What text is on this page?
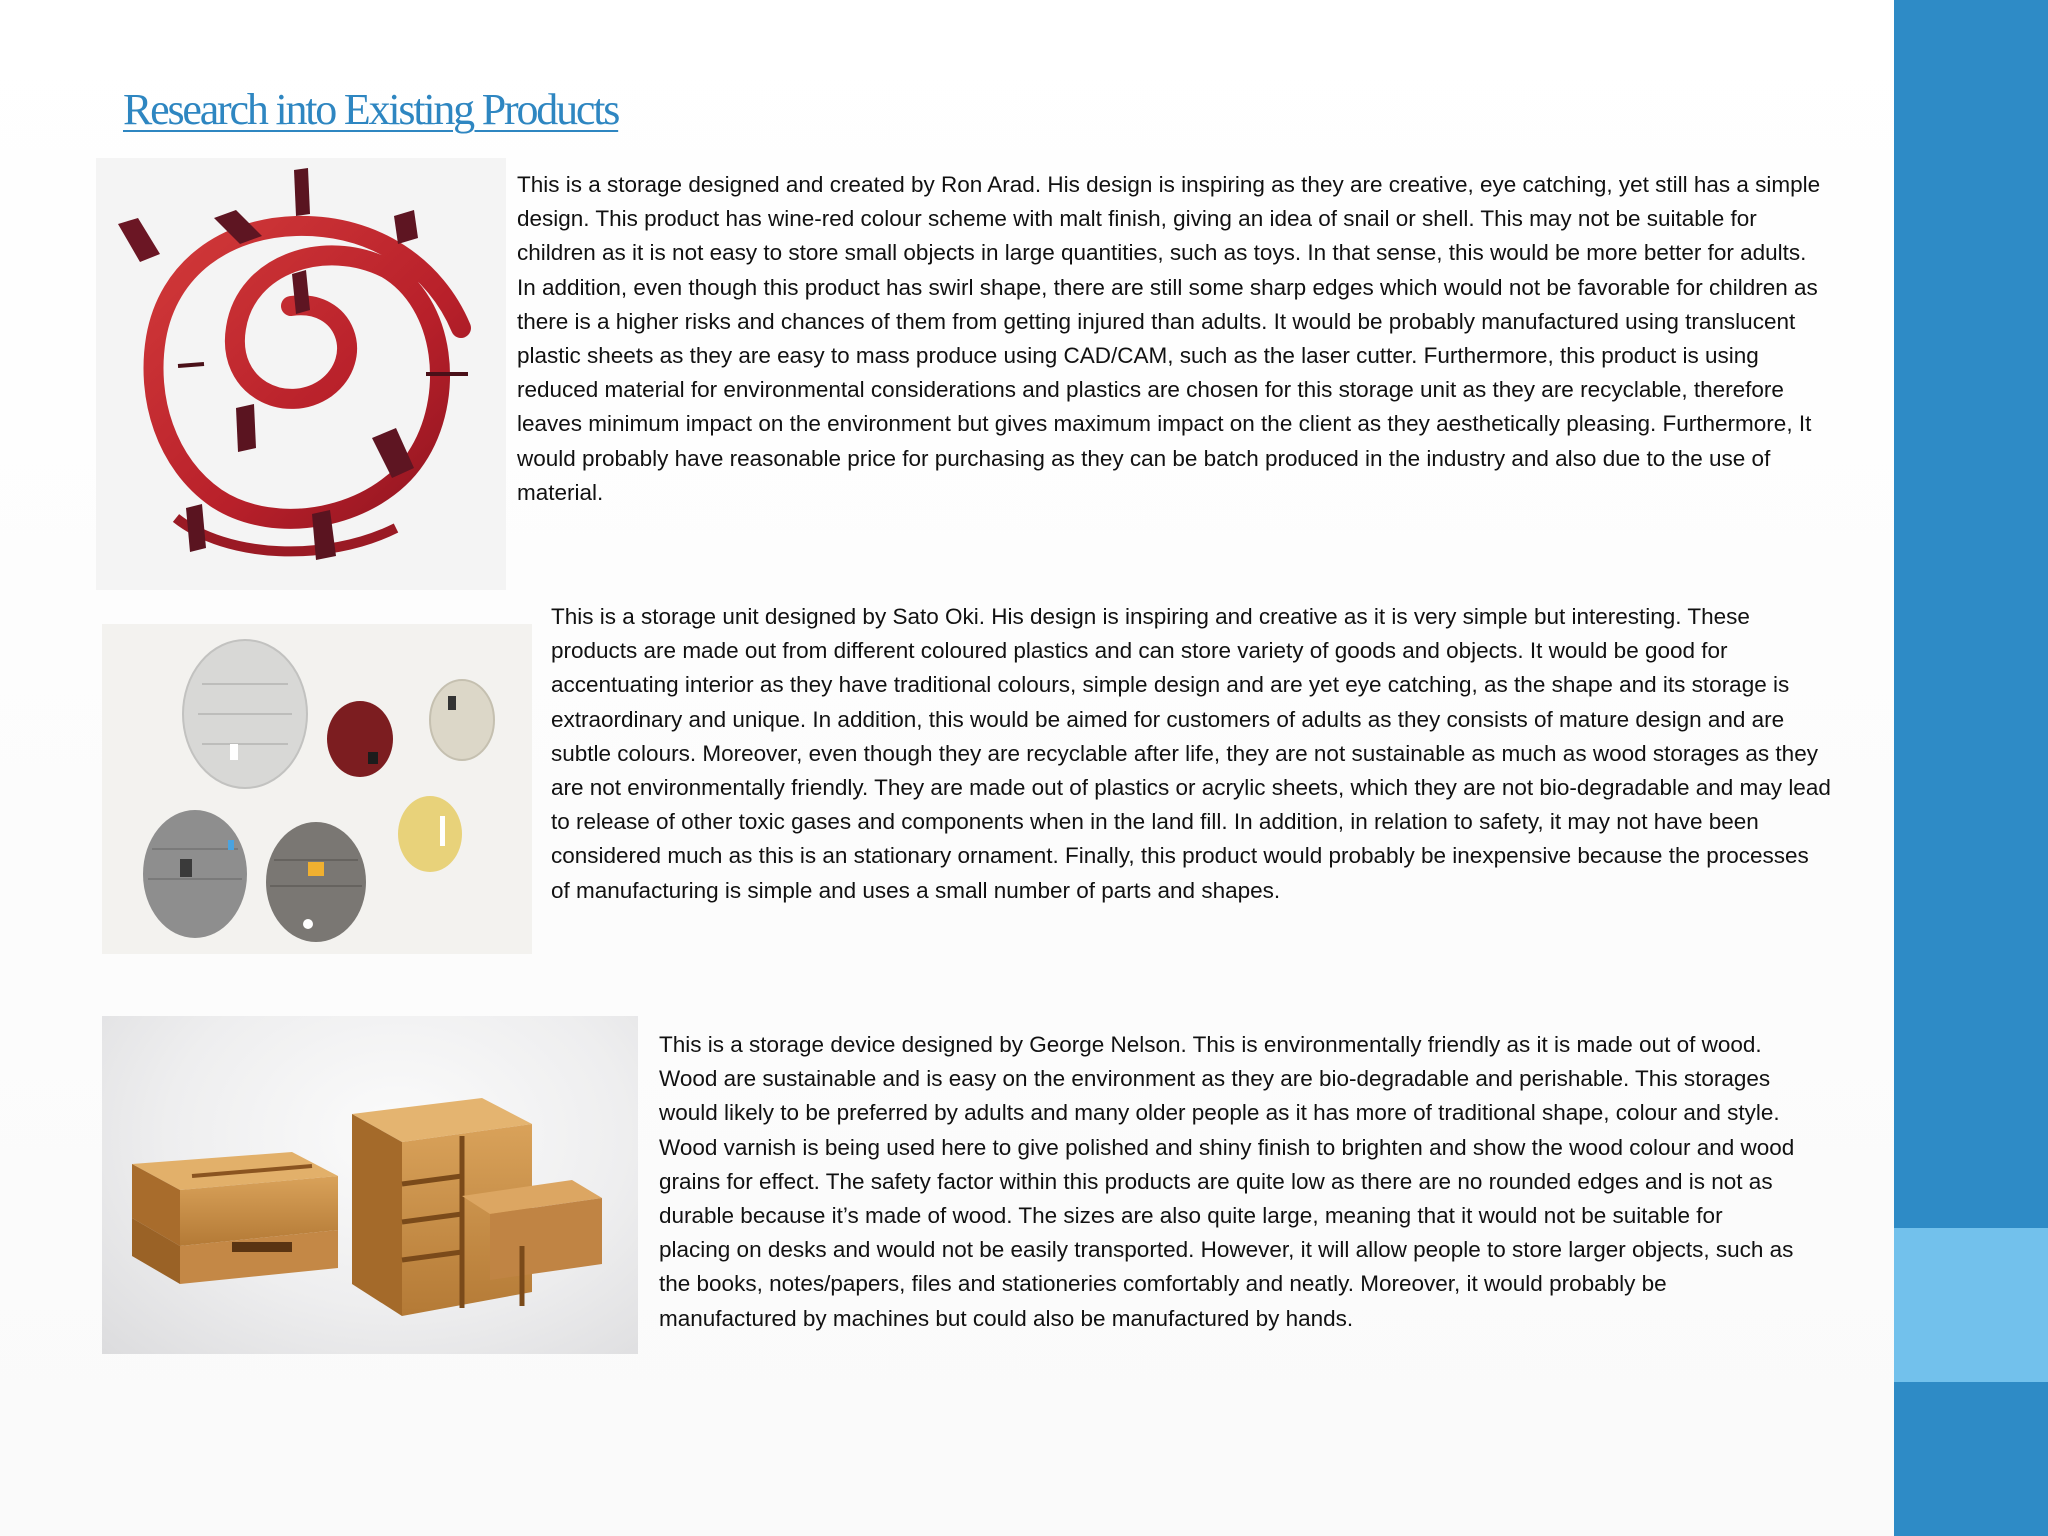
Research into Existing Products

This is a storage designed and created by Ron Arad. His design is inspiring as they are creative, eye catching, yet still has a simple design. This product has wine-red colour scheme with malt finish, giving an idea of snail or shell. This may not be suitable for children as it is not easy to store small objects in large quantities, such as toys. In that sense, this would be more better for adults. In addition, even though this product has swirl shape, there are still some sharp edges which would not be favorable for children as there is a higher risks and chances of them from getting injured than adults. It would be probably manufactured using translucent plastic sheets as they are easy to mass produce using CAD/CAM, such as the laser cutter. Furthermore, this product is using reduced material for environmental considerations and plastics are chosen for this storage unit as they are recyclable, therefore leaves minimum impact on the environment but gives maximum impact on the client as they aesthetically pleasing. Furthermore, It would probably have reasonable price for purchasing as they can be batch produced in the industry and also due to the use of material.

This is a storage unit designed by Sato Oki. His design is inspiring and creative as it is very simple but interesting. These products are made out from different coloured plastics and can store variety of goods and objects. It would be good for accentuating interior as they have traditional colours, simple design and are yet eye catching, as the shape and its storage is extraordinary and unique. In addition, this would be aimed for customers of adults as they consists of mature design and are subtle colours. Moreover, even though they are recyclable after life, they are not sustainable as much as wood storages as they are not environmentally friendly. They are made out of plastics or acrylic sheets, which they are not bio-degradable and may lead to release of other toxic gases and components when in the land fill. In addition, in relation to safety, it may not have been considered much as this is an stationary ornament. Finally, this product would probably be inexpensive because the processes of manufacturing is simple and uses a small number of parts and shapes.

This is a storage device designed by George Nelson. This is environmentally friendly as it is made out of wood. Wood are sustainable and is easy on the environment as they are bio-degradable and perishable. This storages would likely to be preferred by adults and many older people as it has more of traditional shape, colour and style. Wood varnish is being used here to give polished and shiny finish to brighten and show the wood colour and wood grains for effect. The safety factor within this products are quite low as there are no rounded edges and is not as durable because it’s made of wood. The sizes are also quite large, meaning that it would not be suitable for placing on desks and would not be easily transported. However, it will allow people to store larger objects, such as the books, notes/papers, files and stationeries comfortably and neatly. Moreover, it would probably be manufactured by machines but could also be manufactured by hands.
